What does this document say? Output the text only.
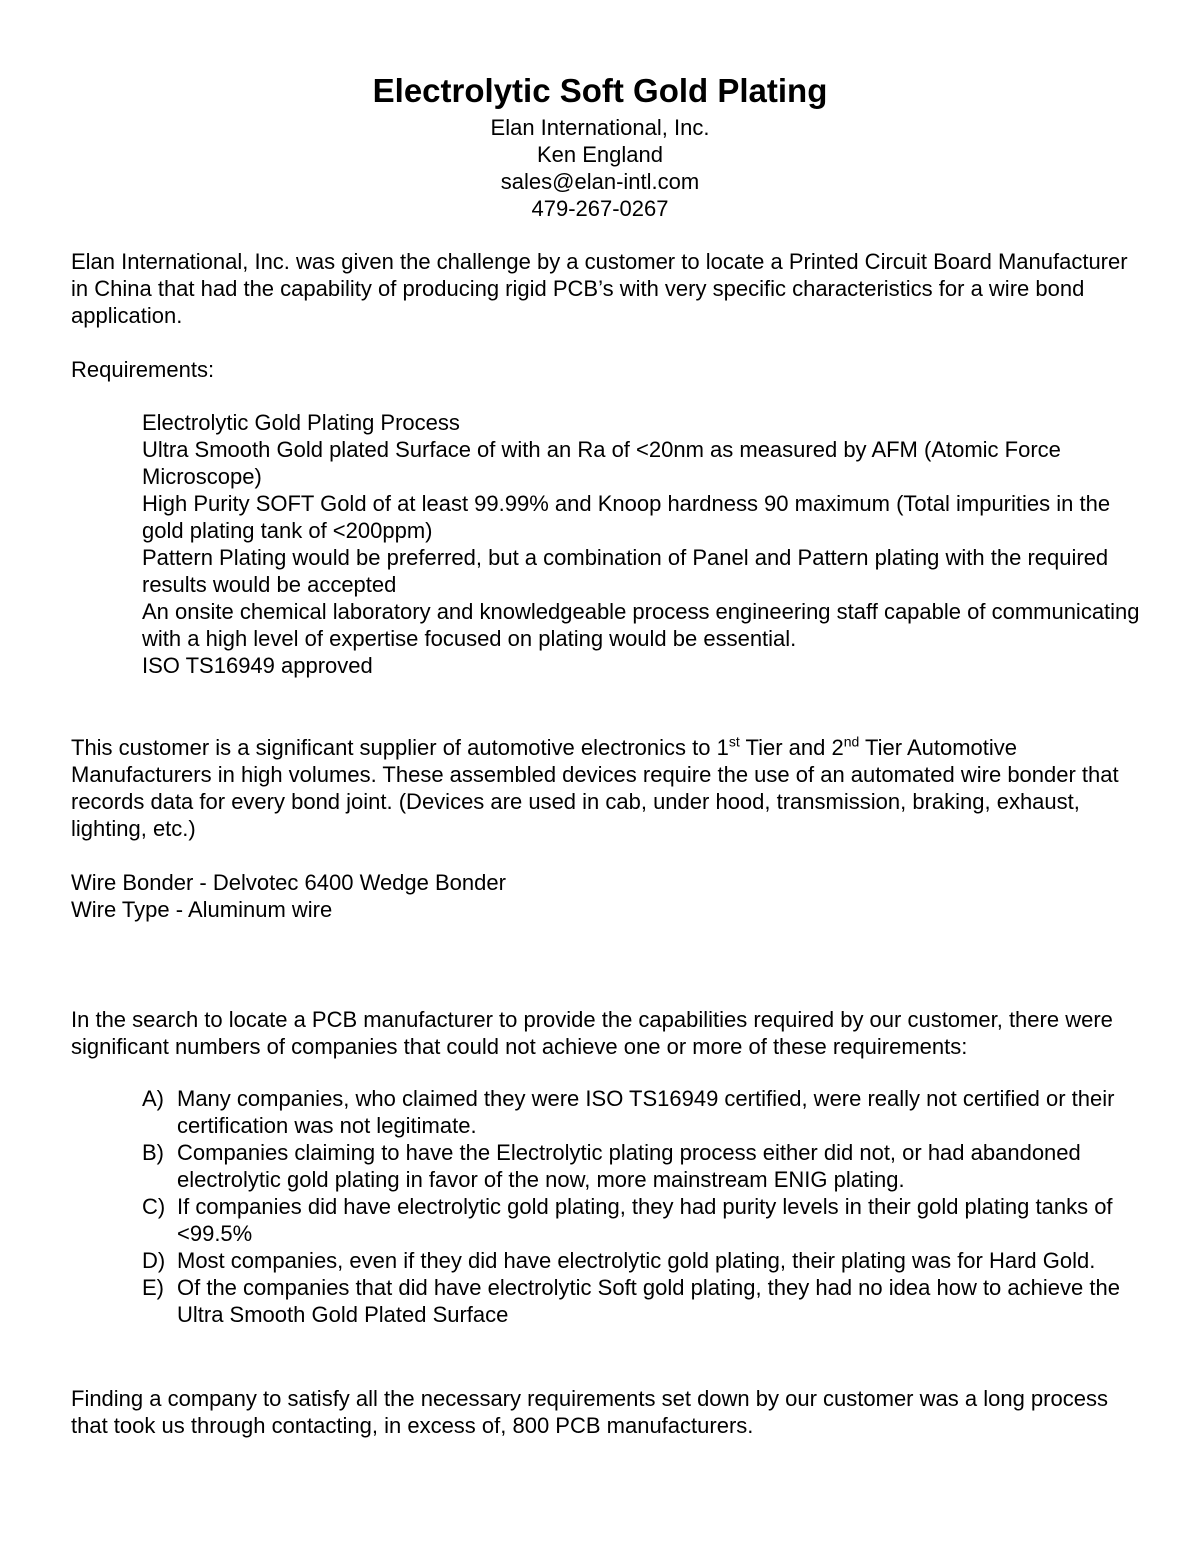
Electrolytic Soft Gold Plating
Elan International, Inc.
Ken England
sales@elan-intl.com
479-267-0267

Elan International, Inc. was given the challenge by a customer to locate a Printed Circuit Board Manufacturer in China that had the capability of producing rigid PCB’s with very specific characteristics for a wire bond application.

Requirements:

Electrolytic Gold Plating Process
Ultra Smooth Gold plated Surface of with an Ra of <20nm as measured by AFM (Atomic Force Microscope)
High Purity SOFT Gold of at least 99.99% and Knoop hardness 90 maximum (Total impurities in the gold plating tank of <200ppm)
Pattern Plating would be preferred, but a combination of Panel and Pattern plating with the required results would be accepted
An onsite chemical laboratory and knowledgeable process engineering staff capable of communicating with a high level of expertise focused on plating would be essential.
ISO TS16949 approved

This customer is a significant supplier of automotive electronics to 1st Tier and 2nd Tier Automotive Manufacturers in high volumes. These assembled devices require the use of an automated wire bonder that records data for every bond joint. (Devices are used in cab, under hood, transmission, braking, exhaust, lighting, etc.)

Wire Bonder - Delvotec 6400 Wedge Bonder

Wire Type - Aluminum wire

In the search to locate a PCB manufacturer to provide the capabilities required by our customer, there were significant numbers of companies that could not achieve one or more of these requirements:

A) Many companies, who claimed they were ISO TS16949 certified, were really not certified or their certification was not legitimate.
B) Companies claiming to have the Electrolytic plating process either did not, or had abandoned electrolytic gold plating in favor of the now, more mainstream ENIG plating.
C) If companies did have electrolytic gold plating, they had purity levels in their gold plating tanks of <99.5%
D) Most companies, even if they did have electrolytic gold plating, their plating was for Hard Gold.
E) Of the companies that did have electrolytic Soft gold plating, they had no idea how to achieve the Ultra Smooth Gold Plated Surface

Finding a company to satisfy all the necessary requirements set down by our customer was a long process that took us through contacting, in excess of, 800 PCB manufacturers.
